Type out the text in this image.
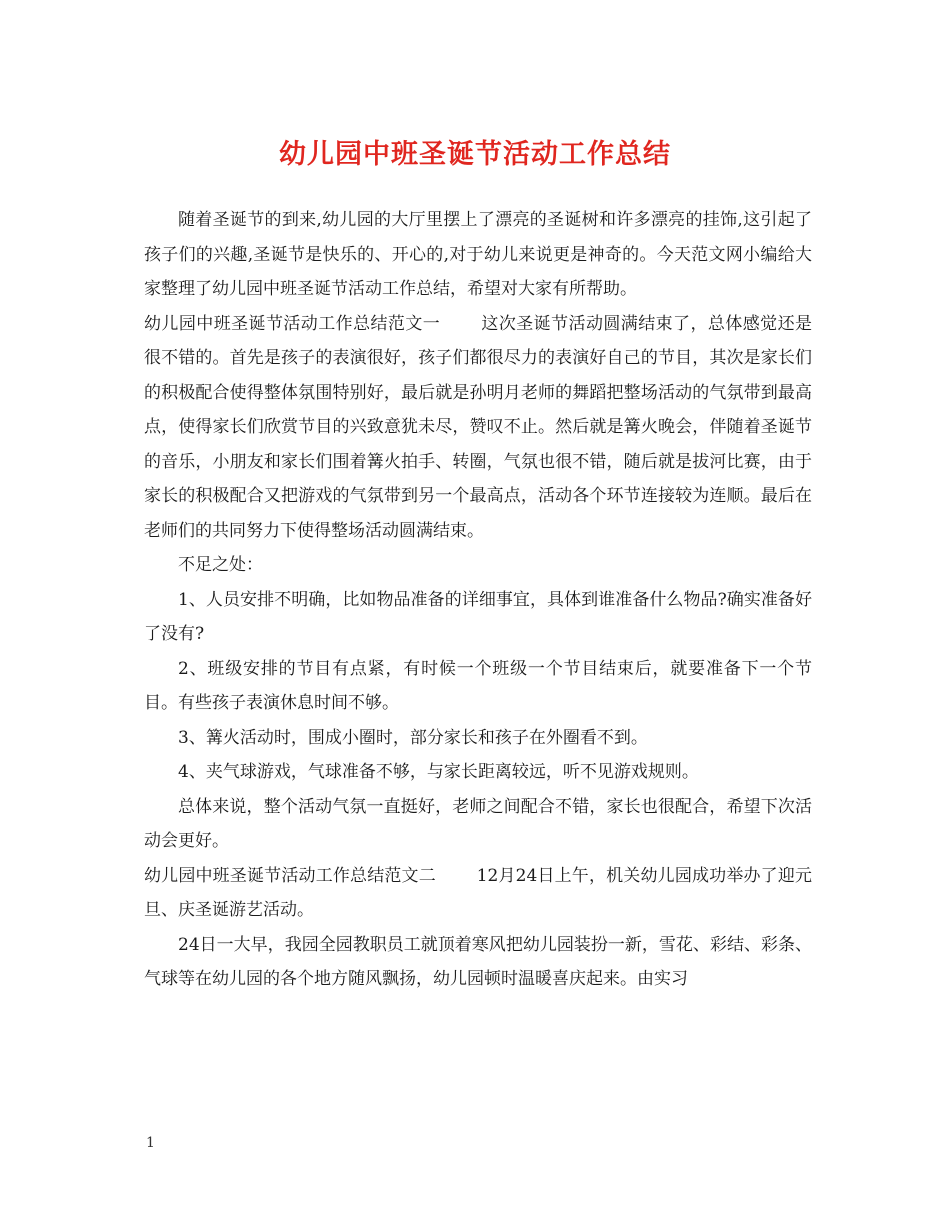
幼儿园中班圣诞节活动工作总结

随着圣诞节的到来,幼儿园的大厅里摆上了漂亮的圣诞树和许多漂亮的挂饰,这引起了孩子们的兴趣,圣诞节是快乐的、开心的,对于幼儿来说更是神奇的。今天范文网小编给大家整理了幼儿园中班圣诞节活动工作总结，希望对大家有所帮助。

幼儿园中班圣诞节活动工作总结范文一 这次圣诞节活动圆满结束了，总体感觉还是很不错的。首先是孩子的表演很好，孩子们都很尽力的表演好自己的节目，其次是家长们的积极配合使得整体氛围特别好，最后就是孙明月老师的舞蹈把整场活动的气氛带到最高点，使得家长们欣赏节目的兴致意犹未尽，赞叹不止。然后就是篝火晚会，伴随着圣诞节的音乐，小朋友和家长们围着篝火拍手、转圈，气氛也很不错，随后就是拔河比赛，由于家长的积极配合又把游戏的气氛带到另一个最高点，活动各个环节连接较为连顺。最后在老师们的共同努力下使得整场活动圆满结束。

不足之处：

1、人员安排不明确，比如物品准备的详细事宜，具体到谁准备什么物品?确实准备好了没有?

2、班级安排的节目有点紧，有时候一个班级一个节目结束后，就要准备下一个节目。有些孩子表演休息时间不够。

3、篝火活动时，围成小圈时，部分家长和孩子在外圈看不到。

4、夹气球游戏，气球准备不够，与家长距离较远，听不见游戏规则。

总体来说，整个活动气氛一直挺好，老师之间配合不错，家长也很配合，希望下次活动会更好。

幼儿园中班圣诞节活动工作总结范文二 12月24日上午，机关幼儿园成功举办了迎元旦、庆圣诞游艺活动。

24日一大早，我园全园教职员工就顶着寒风把幼儿园装扮一新，雪花、彩结、彩条、气球等在幼儿园的各个地方随风飘扬，幼儿园顿时温暖喜庆起来。由实习

1
